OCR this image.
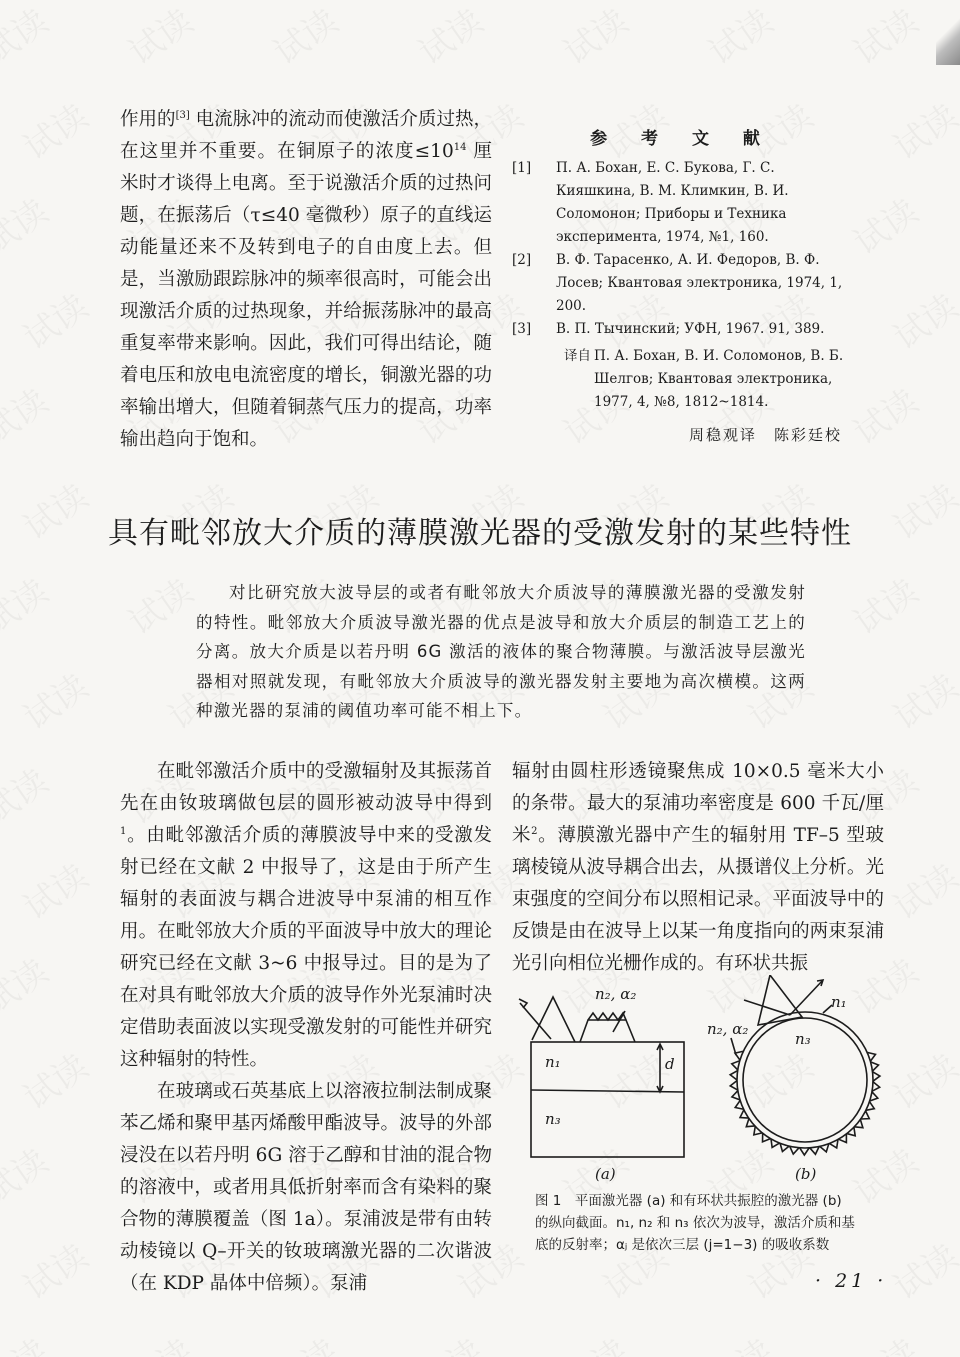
作用的[3] 电流脉冲的流动而使激活介质过热，在这里并不重要。在铜原子的浓度$\le 10^{14}$ 厘米时才谈得上电离。至于说激活介质的过热问题，在振荡后（τ≤40 毫微秒）原子的直线运动能量还来不及转到电子的自由度上去。但是，当激励跟踪脉冲的频率很高时，可能会出现激活介质的过热现象，并给振荡脉冲的最高重复率带来影响。因此，我们可得出结论，随着电压和放电电流密度的增长，铜激光器的功率输出增大，但随着铜蒸气压力的提高，功率输出趋向于饱和。

参 考 文 献
[1]	П. А. Бохан, Е. С. Букова, Г. С. Кияшкина, В. М. Климкин, В. И. Соломонон; Приборы и Техника эксперимента, 1974, №1, 160.
[2]	В. Ф. Тарасенко, А. И. Федоров, В. Ф. Лосев; Квантовая электроника, 1974, 1, 200.
[3]	В. П. Тычинский; УФН, 1967. 91, 389.
译自 П. А. Бохан, В. И. Соломонов, В. Б. Шелгов; Квантовая электроника, 1977, 4, №8, 1812~1814.
周稳观译　陈彩廷校
具有毗邻放大介质的薄膜激光器的受激发射的某些特性

对比研究放大波导层的或者有毗邻放大介质波导的薄膜激光器的受激发射的特性。毗邻放大介质波导激光器的优点是波导和放大介质层的制造工艺上的分离。放大介质是以若丹明 6G 激活的液体的聚合物薄膜。与激活波导层激光器相对照就发现，有毗邻放大介质波导的激光器发射主要地为高次横模。这两种激光器的泵浦的阈值功率可能不相上下。

在毗邻激活介质中的受激辐射及其振荡首先在由钕玻璃做包层的圆形被动波导中得到$^1$。由毗邻激活介质的薄膜波导中来的受激发射已经在文献 2 中报导了，这是由于所产生辐射的表面波与耦合进波导中泵浦的相互作用。在毗邻放大介质的平面波导中放大的理论研究已经在文献 3~6 中报导过。目的是为了在对具有毗邻放大介质的波导作外光泵浦时决定借助表面波以实现受激发射的可能性并研究这种辐射的特性。

在玻璃或石英基底上以溶液拉制法制成聚苯乙烯和聚甲基丙烯酸甲酯波导。波导的外部浸没在以若丹明 6G 溶于乙醇和甘油的混合物的溶液中，或者用具低折射率而含有染料的聚合物的薄膜覆盖（图 1a）。泵浦波是带有由转动棱镜以 Q–开关的钕玻璃激光器的二次谐波（在 KDP 晶体中倍频）。泵浦

辐射由圆柱形透镜聚焦成 10×0.5 毫米大小的条带。最大的泵浦功率密度是 600 千瓦/厘米$^2$。薄膜激光器中产生的辐射用 TF–5 型玻璃棱镜从波导耦合出去，从摄谱仪上分析。光束强度的空间分布以照相记录。平面波导中的反馈是由在波导上以某一角度指向的两束泵浦光引向相位光栅作成的。有环状共振

n₁
n₂, α₂
d
n₃
(a)
n₁
n₂, α₂
n₃
(b)
图 1　平面激光器 (a) 和有环状共振腔的激光器 (b)
的纵向截面。n₁, n₂ 和 n₃ 依次为波导，激活介质和基
底的反射率；αⱼ 是依次三层 (j=1−3) 的吸收系数
· 21 ·
